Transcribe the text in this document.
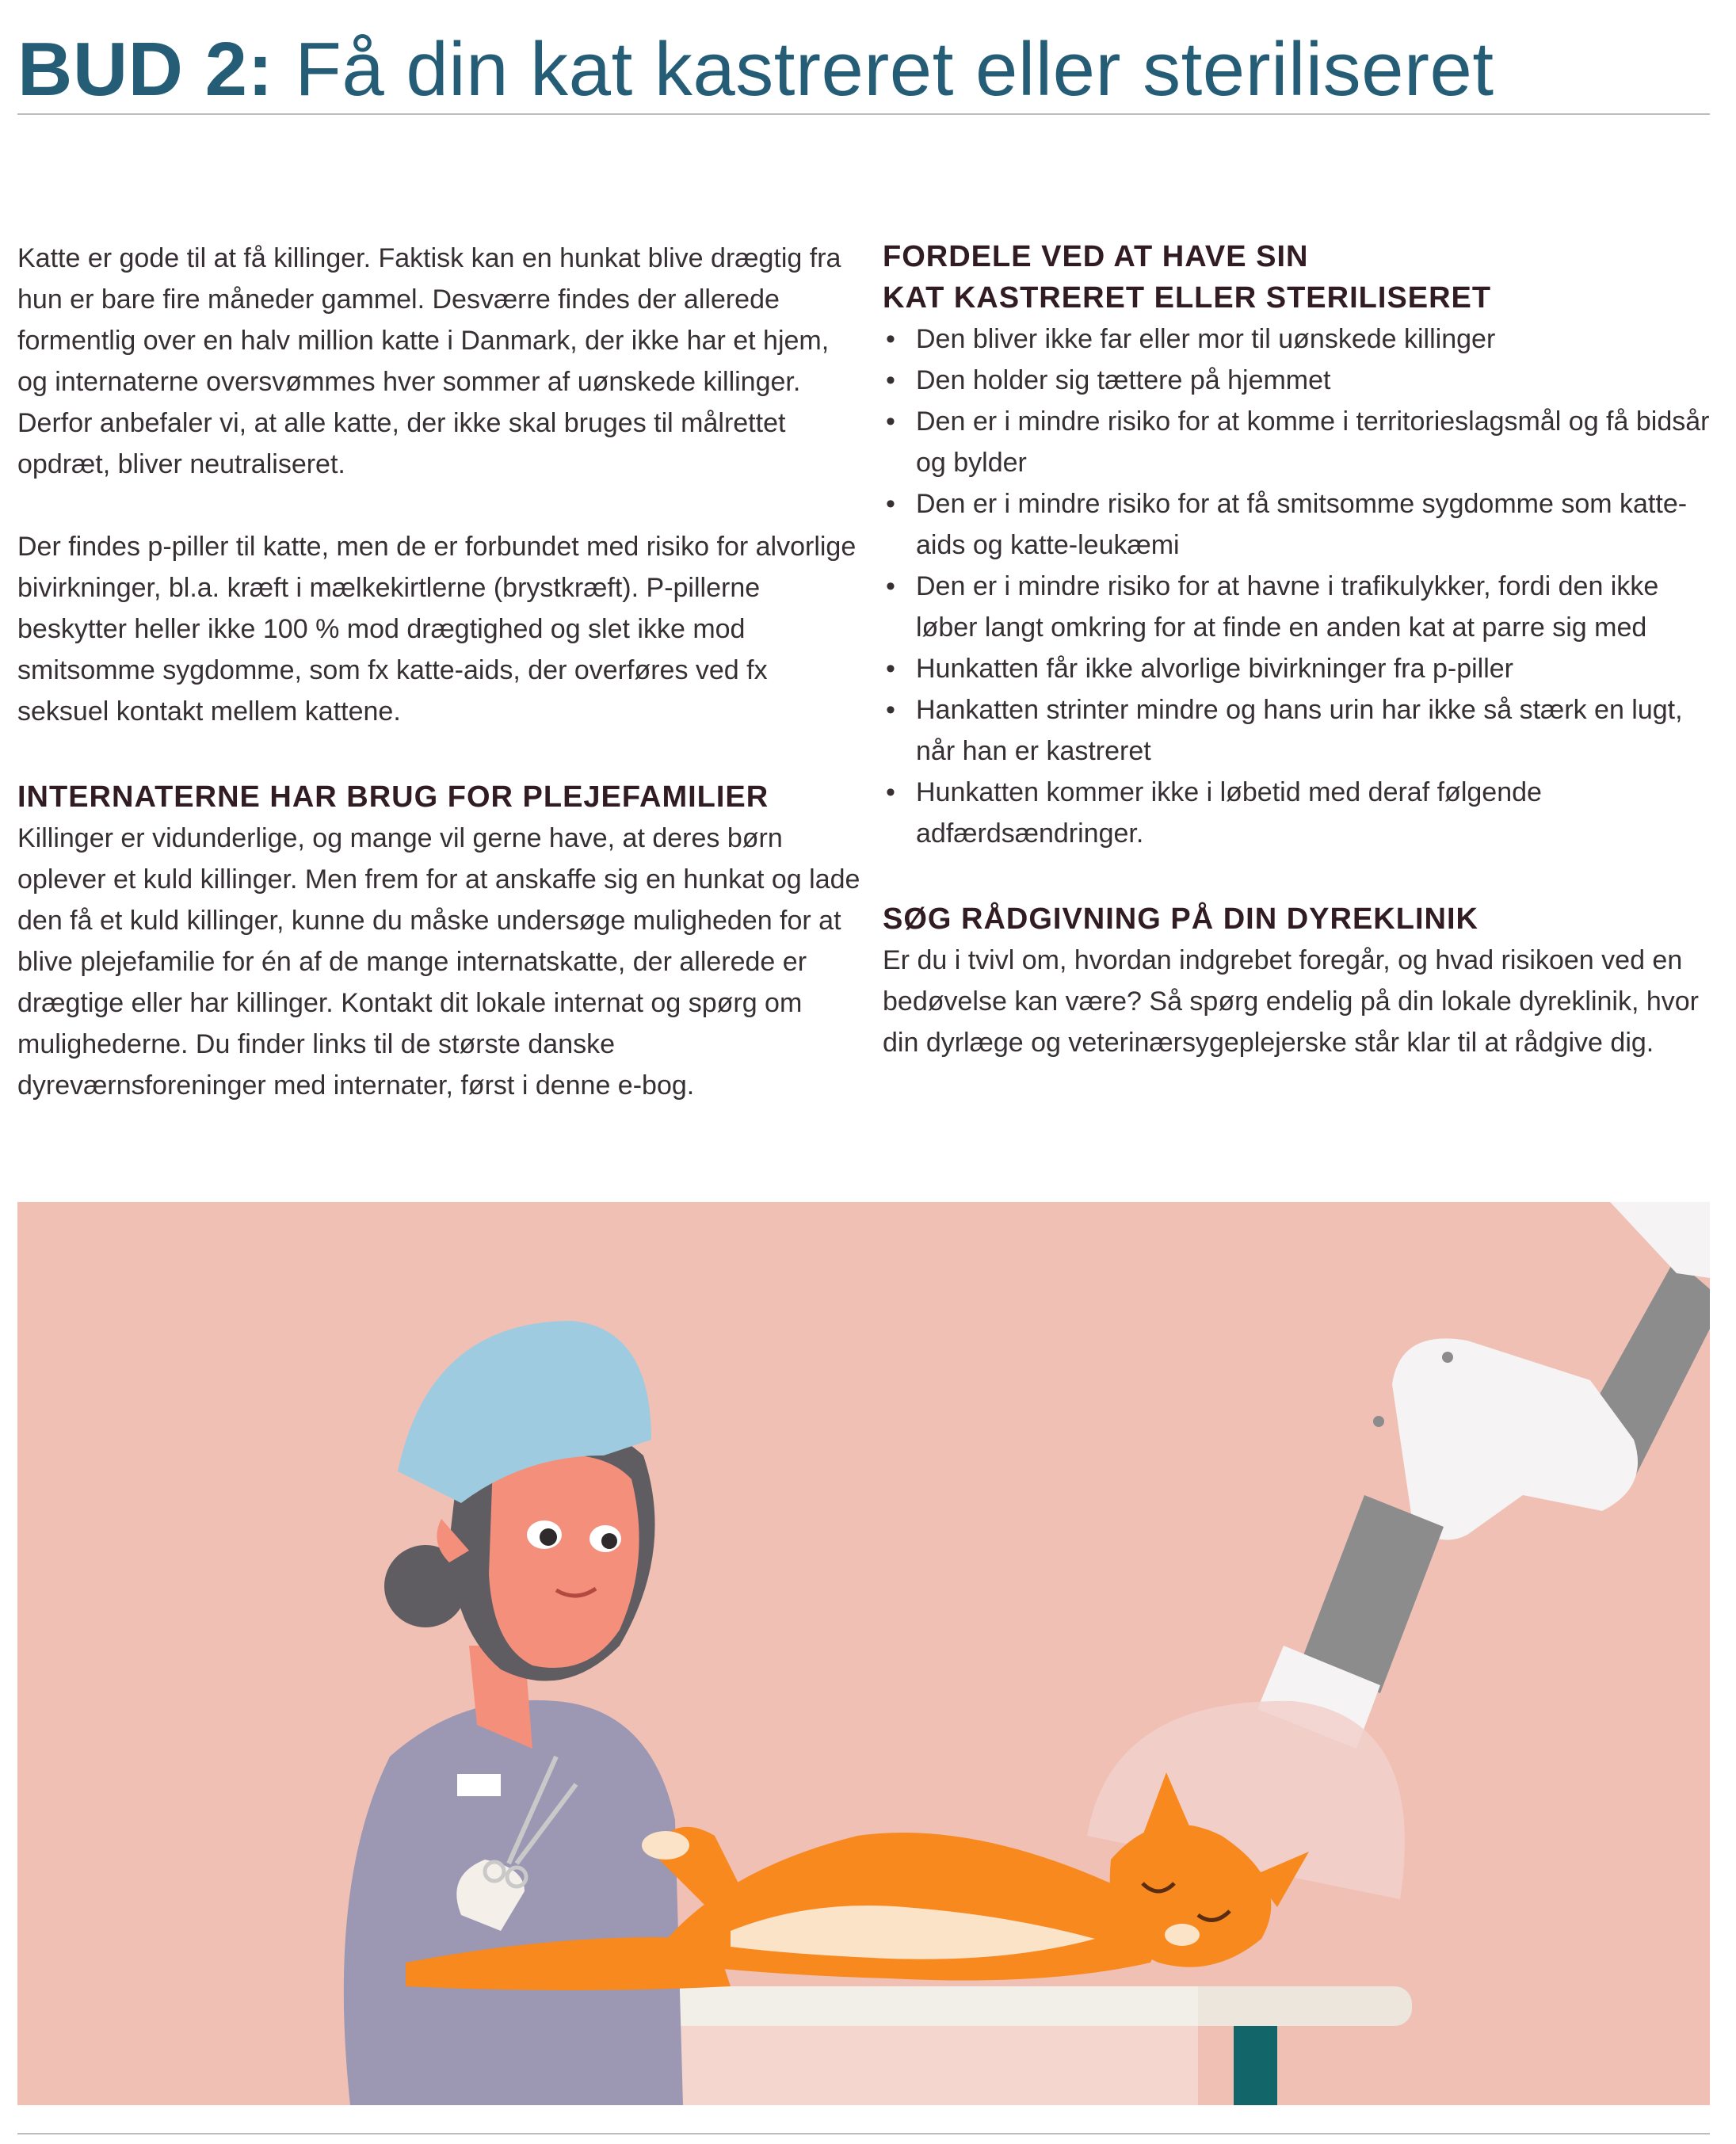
BUD 2: Få din kat kastreret eller steriliseret

Katte er gode til at få killinger. Faktisk kan en hunkat blive drægtig fra hun er bare fire måneder gammel. Desværre findes der allerede formentlig over en halv million katte i Danmark, der ikke har et hjem, og internaterne oversvømmes hver sommer af uønskede killinger. Derfor anbefaler vi, at alle katte, der ikke skal bruges til målrettet opdræt, bliver neutraliseret.

Der findes p-piller til katte, men de er forbundet med risiko for alvorlige bivirkninger, bl.a. kræft i mælkekirtlerne (brystkræft). P-pillerne beskytter heller ikke 100 % mod drægtighed og slet ikke mod smitsomme sygdomme, som fx katte-aids, der overføres ved fx seksuel kontakt mellem kattene.

INTERNATERNE HAR BRUG FOR PLEJEFAMILIER

Killinger er vidunderlige, og mange vil gerne have, at deres børn oplever et kuld killinger. Men frem for at anskaffe sig en hunkat og lade den få et kuld killinger, kunne du måske undersøge muligheden for at blive plejefamilie for én af de mange internatskatte, der allerede er drægtige eller har killinger. Kontakt dit lokale internat og spørg om mulighederne. Du finder links til de største danske dyreværnsforeninger med internater, først i denne e-bog.

FORDELE VED AT HAVE SIN
KAT KASTRERET ELLER STERILISERET
• Den bliver ikke far eller mor til uønskede killinger
• Den holder sig tættere på hjemmet
• Den er i mindre risiko for at komme i territorieslagsmål og få bidsår og bylder
• Den er i mindre risiko for at få smitsomme sygdomme som katte-aids og katte-leukæmi
• Den er i mindre risiko for at havne i trafikulykker, fordi den ikke løber langt omkring for at finde en anden kat at parre sig med
• Hunkatten får ikke alvorlige bivirkninger fra p-piller
• Hankatten strinter mindre og hans urin har ikke så stærk en lugt, når han er kastreret
• Hunkatten kommer ikke i løbetid med deraf følgende adfærdsændringer.
SØG RÅDGIVNING PÅ DIN DYREKLINIK

Er du i tvivl om, hvordan indgrebet foregår, og hvad risikoen ved en bedøvelse kan være? Så spørg endelig på din lokale dyreklinik, hvor din dyrlæge og veterinærsygeplejerske står klar til at rådgive dig.
